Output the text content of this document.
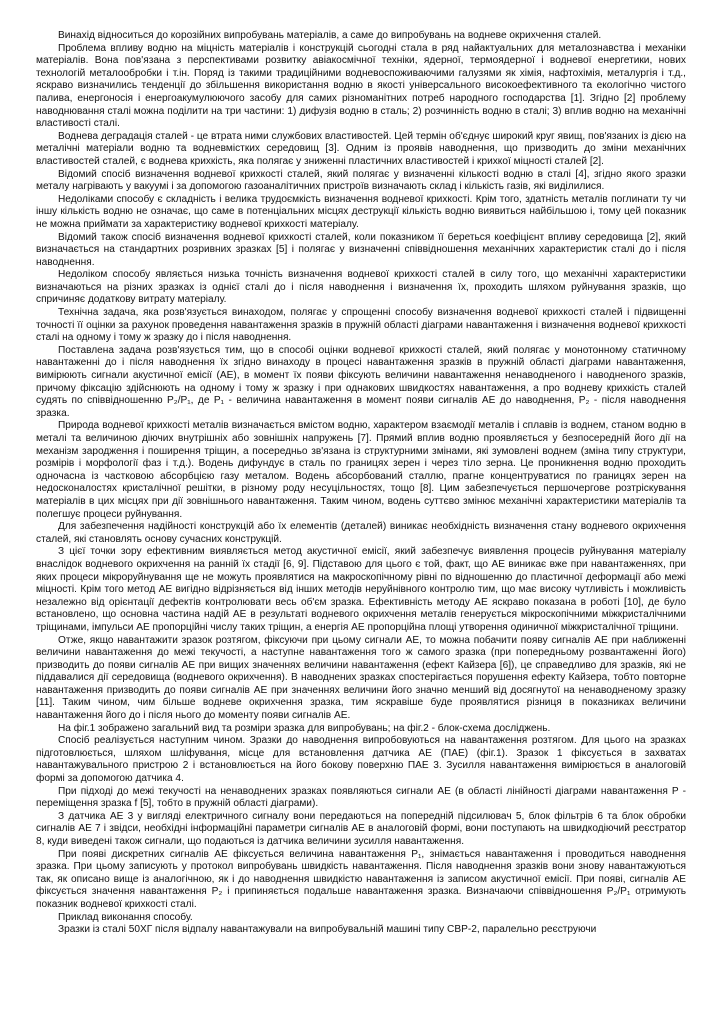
Винахід відноситься до корозійних випробувань матеріалів, а саме до випробувань на водневе окрихчення сталей.

Проблема впливу водню на міцність матеріалів і конструкцій сьогодні стала в ряд найактуальних для металознавства і механіки матеріалів. Вона пов'язана з перспективами розвитку авіакосмічної техніки, ядерної, термоядерної і водневої енергетики, нових технологій металообробки і т.ін. Поряд із такими традиційними водневоспоживаючими галузями як хімія, нафтохімія, металургія і т.д., яскраво визначились тенденції до збільшення використання водню в якості універсального високоефективного та екологічно чистого палива, енергоносія і енергоакумулюючого засобу для самих різноманітних потреб народного господарства [1]. Згідно [2] проблему наводнювання сталі можна поділити на три частини: 1) дифузія водню в сталь; 2) розчинність водню в сталі; 3) вплив водню на механічні властивості сталі.

Воднева деградація сталей - це втрата ними службових властивостей. Цей термін об'єднує широкий круг явищ, пов'язаних із дією на металічні матеріали водню та водневмістких середовищ [3]. Одним із проявів наводнення, що призводить до зміни механічних властивостей сталей, є воднева крихкість, яка полягає у зниженні пластичних властивостей і крихкої міцності сталей [2].

Відомий спосіб визначення водневої крихкості сталей, який полягає у визначенні кількості водню в сталі [4], згідно якого зразки металу нагрівають у вакуумі і за допомогою газоаналітичних пристроїв визначають склад і кількість газів, які виділилися.

Недоліками способу є складність і велика трудоємкість визначення водневої крихкості. Крім того, здатність металів поглинати ту чи іншу кількість водню не означає, що саме в потенціальних місцях деструкції кількість водню виявиться найбільшою і, тому цей показник не можна приймати за характеристику водневої крихкості матеріалу.

Відомий також спосіб визначення водневої крихкості сталей, коли показником її береться коефіцієнт впливу середовища [2], який визначається на стандартних розривних зразках [5] і полягає у визначенні співвідношення механічних характеристик сталі до і після наводнення.

Недоліком способу являється низька точність визначення водневої крихкості сталей в силу того, що механічні характеристики визначаються на різних зразках із однієї сталі до і після наводнення і визначення їх, проходить шляхом руйнування зразків, що спричиняє додаткову витрату матеріалу.

Технічна задача, яка розв'язується винаходом, полягає у спрощенні способу визначення водневої крихкості сталей і підвищенні точності її оцінки за рахунок проведення навантаження зразків в пружній області діаграми навантаження і визначення водневої крихкості сталі на одному і тому ж зразку до і після наводнення.

Поставлена задача розв'язується тим, що в способі оцінки водневої крихкості сталей, який полягає у монотонному статичному навантаженні до і після наводнення їх згідно винаходу в процесі навантаження зразків в пружній області діаграми навантаження, вимірюють сигнали акустичної емісії (АЕ), в момент їх появи фіксують величини навантаження ненаводненого і наводненого зразків, причому фіксацію здійснюють на одному і тому ж зразку і при однакових швидкостях навантаження, а про водневу крихкість сталей судять по співвідношенню P₂/P₁, де P₁ - величина навантаження в момент появи сигналів АЕ до наводнення, P₂ - після наводнення зразка.

Природа водневої крихкості металів визначається вмістом водню, характером взаємодії металів і сплавів із воднем, станом водню в металі та величиною діючих внутрішніх або зовнішніх напружень [7]. Прямий вплив водню проявляється у безпосередній його дії на механізм зародження і поширення тріщин, а посередньо зв'язана із структурними змінами, які зумовлені воднем (зміна типу структури, розмірів і морфології фаз і т.д.). Водень дифундує в сталь по границях зерен і через тіло зерна. Це проникнення водню проходить одночасна із частковою абсорбцією газу металом. Водень абсорбований сталлю, прагне концентруватися по границях зерен на недосконалостях кристалічної решітки, в різному роду несуцільностях, тощо [8]. Цим забезпечується першочергове розтріскування матеріалів в цих місцях при дії зовнішнього навантаження. Таким чином, водень суттєво змінює механічні характеристики матеріалів та полегшує процеси руйнування.

Для забезпечення надійності конструкцій або їх елементів (деталей) виникає необхідність визначення стану водневого окрихчення сталей, які становлять основу сучасних конструкцій.

З цієї точки зору ефективним виявляється метод акустичної емісії, який забезпечує виявлення процесів руйнування матеріалу внаслідок водневого окрихчення на ранній їх стадії [6, 9]. Підставою для цього є той, факт, що АЕ виникає вже при навантаженнях, при яких процеси мікроруйнування ще не можуть проявлятися на макроскопічному рівні по відношенню до пластичної деформації або межі міцності. Крім того метод АЕ вигідно відрізняється від інших методів неруйнівного контролю тим, що має високу чутливість і можливість незалежно від орієнтації дефектів контролювати весь об'єм зразка. Ефективність методу АЕ яскраво показана в роботі [10], де було встановлено, що основна частина надій АЕ в результаті водневого окрихчення металів генерується мікроскопічними міжкристалічними тріщинами, імпульси АЕ пропорційні числу таких тріщин, а енергія АЕ пропорційна площі утворення одиничної міжкристалічної тріщини.

Отже, якщо навантажити зразок розтягом, фіксуючи при цьому сигнали АЕ, то можна побачити появу сигналів АЕ при наближенні величини навантаження до межі текучості, а наступне навантаження того ж самого зразка (при попередньому розвантаженні його) призводить до появи сигналів АЕ при вищих значеннях величини навантаження (ефект Кайзера [6]), це справедливо для зразків, які не піддавалися дії середовища (водневого окрихчення). В наводнених зразках спостерігається порушення ефекту Кайзера, тобто повторне навантаження призводить до появи сигналів АЕ при значеннях величини його значно менший від досягнутої на ненаводненому зразку [11]. Таким чином, чим більше водневе окрихчення зразка, тим яскравіше буде проявлятися різниця в показниках величини навантаження його до і після нього до моменту появи сигналів АЕ.

На фіг.1 зображено загальний вид та розміри зразка для випробувань; на фіг.2 - блок-схема досліджень.

Спосіб реалізується наступним чином. Зразки до наводнення випробовуються на навантаження розтягом. Для цього на зразках підготовлюється, шляхом шліфування, місце для встановлення датчика АЕ (ПАЕ) (фіг.1). Зразок 1 фіксується в захватах навантажувального пристрою 2 і встановлюється на його бокову поверхню ПАЕ 3. Зусилля навантаження вимірюється в аналоговій формі за допомогою датчика 4.

При підході до межі текучості на ненаводнених зразках появляються сигнали АЕ (в області лінійності діаграми навантаження P - переміщення зразка f [5], тобто в пружній області діаграми).

З датчика АЕ 3 у вигляді електричного сигналу вони передаються на попередній підсилювач 5, блок фільтрів 6 та блок обробки сигналів АЕ 7 і звідси, необхідні інформаційні параметри сигналів АЕ в аналоговій формі, вони поступають на швидкодіючий реєстратор 8, куди виведені також сигнали, що подаються із датчика величини зусилля навантаження.

При появі дискретних сигналів АЕ фіксується величина навантаження P₁, знімається навантаження і проводиться наводнення зразка. При цьому записують у протокол випробувань швидкість навантаження. Після наводнення зразків вони знову навантажуються так, як описано вище із аналогічною, як і до наводнення швидкістю навантаження із записом акустичної емісії. При появі, сигналів АЕ фіксується значення навантаження P₂ і припиняється подальше навантаження зразка. Визначаючи співвідношення P₂/P₁ отримують показник водневої крихкості сталі.

Приклад виконання способу.

Зразки із сталі 50ХГ після відпалу навантажували на випробувальній машині типу СВР-2, паралельно реєструючи
